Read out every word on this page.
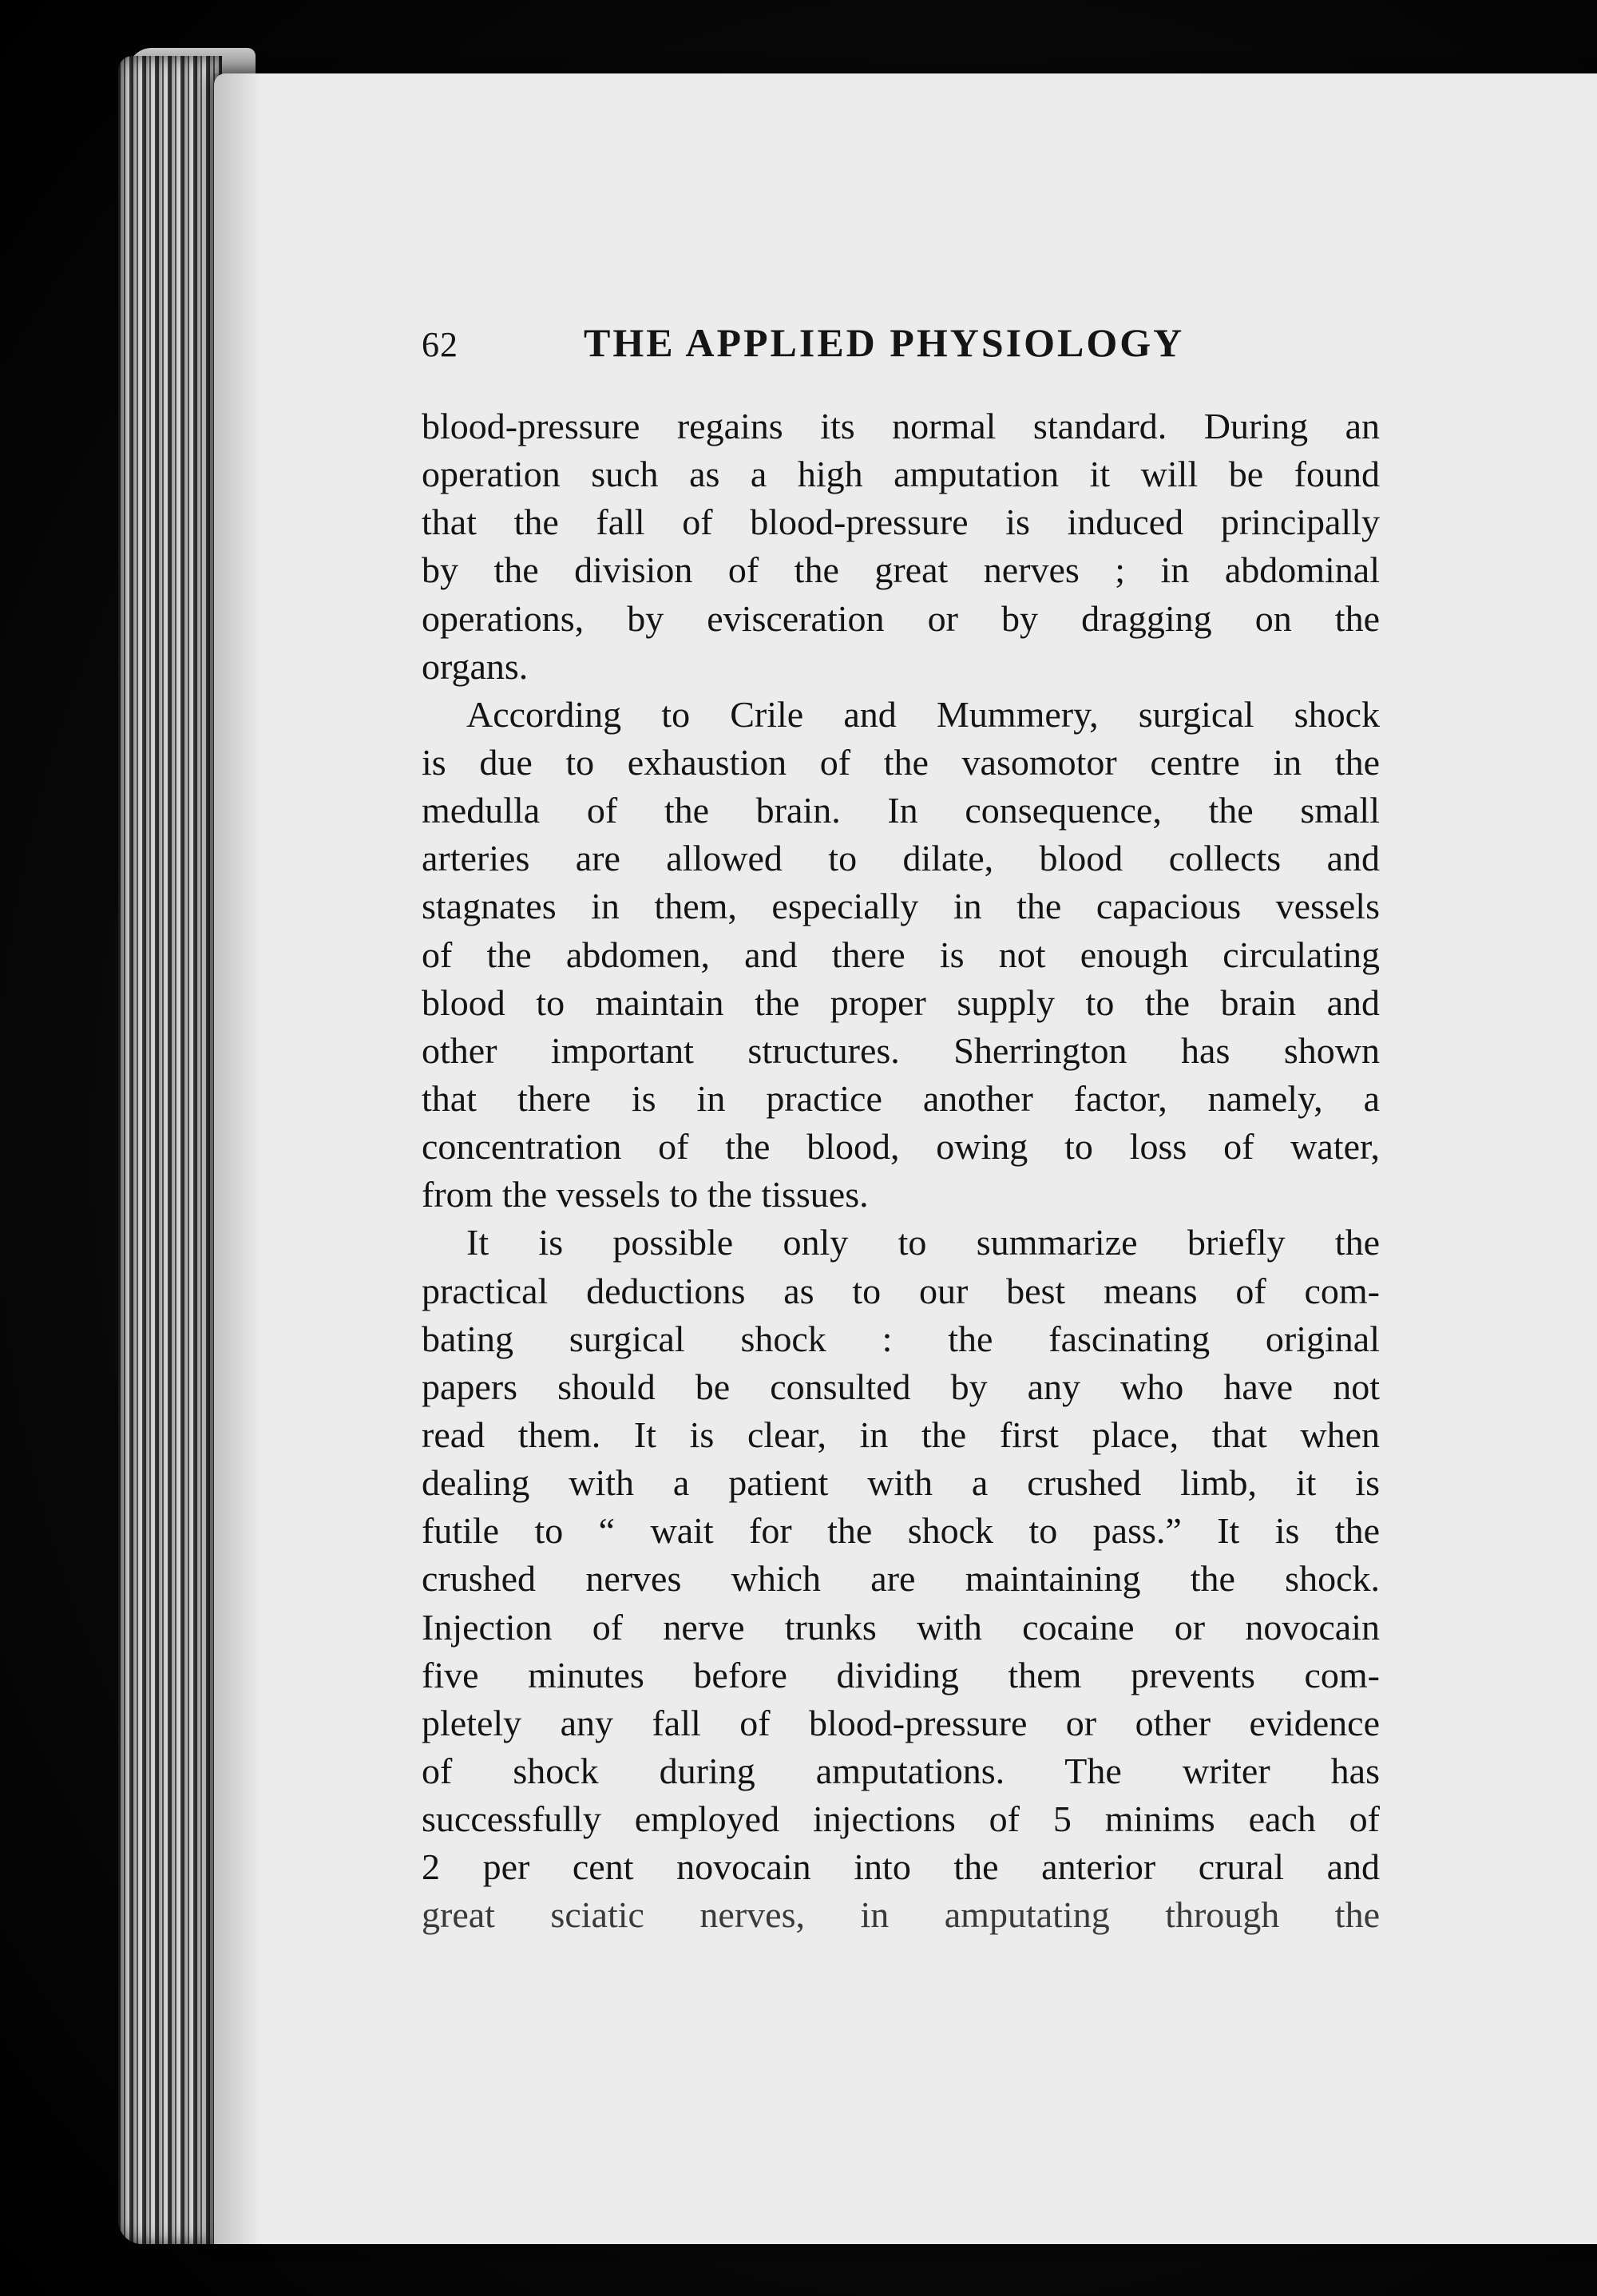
62	THE APPLIED PHYSIOLOGY
blood-pressure regains its normal standard. During an
operation such as a high amputation it will be found
that the fall of blood-pressure is induced principally
by the division of the great nerves ; in abdominal
operations, by evisceration or by dragging on the
organs.
According to Crile and Mummery, surgical shock
is due to exhaustion of the vasomotor centre in the
medulla of the brain. In consequence, the small
arteries are allowed to dilate, blood collects and
stagnates in them, especially in the capacious vessels
of the abdomen, and there is not enough circulating
blood to maintain the proper supply to the brain and
other important structures. Sherrington has shown
that there is in practice another factor, namely, a
concentration of the blood, owing to loss of water,
from the vessels to the tissues.
It is possible only to summarize briefly the
practical deductions as to our best means of com-
bating surgical shock : the fascinating original
papers should be consulted by any who have not
read them. It is clear, in the first place, that when
dealing with a patient with a crushed limb, it is
futile to “ wait for the shock to pass.” It is the
crushed nerves which are maintaining the shock.
Injection of nerve trunks with cocaine or novocain
five minutes before dividing them prevents com-
pletely any fall of blood-pressure or other evidence
of shock during amputations. The writer has
successfully employed injections of 5 minims each of
2 per cent novocain into the anterior crural and
great sciatic nerves, in amputating through the
